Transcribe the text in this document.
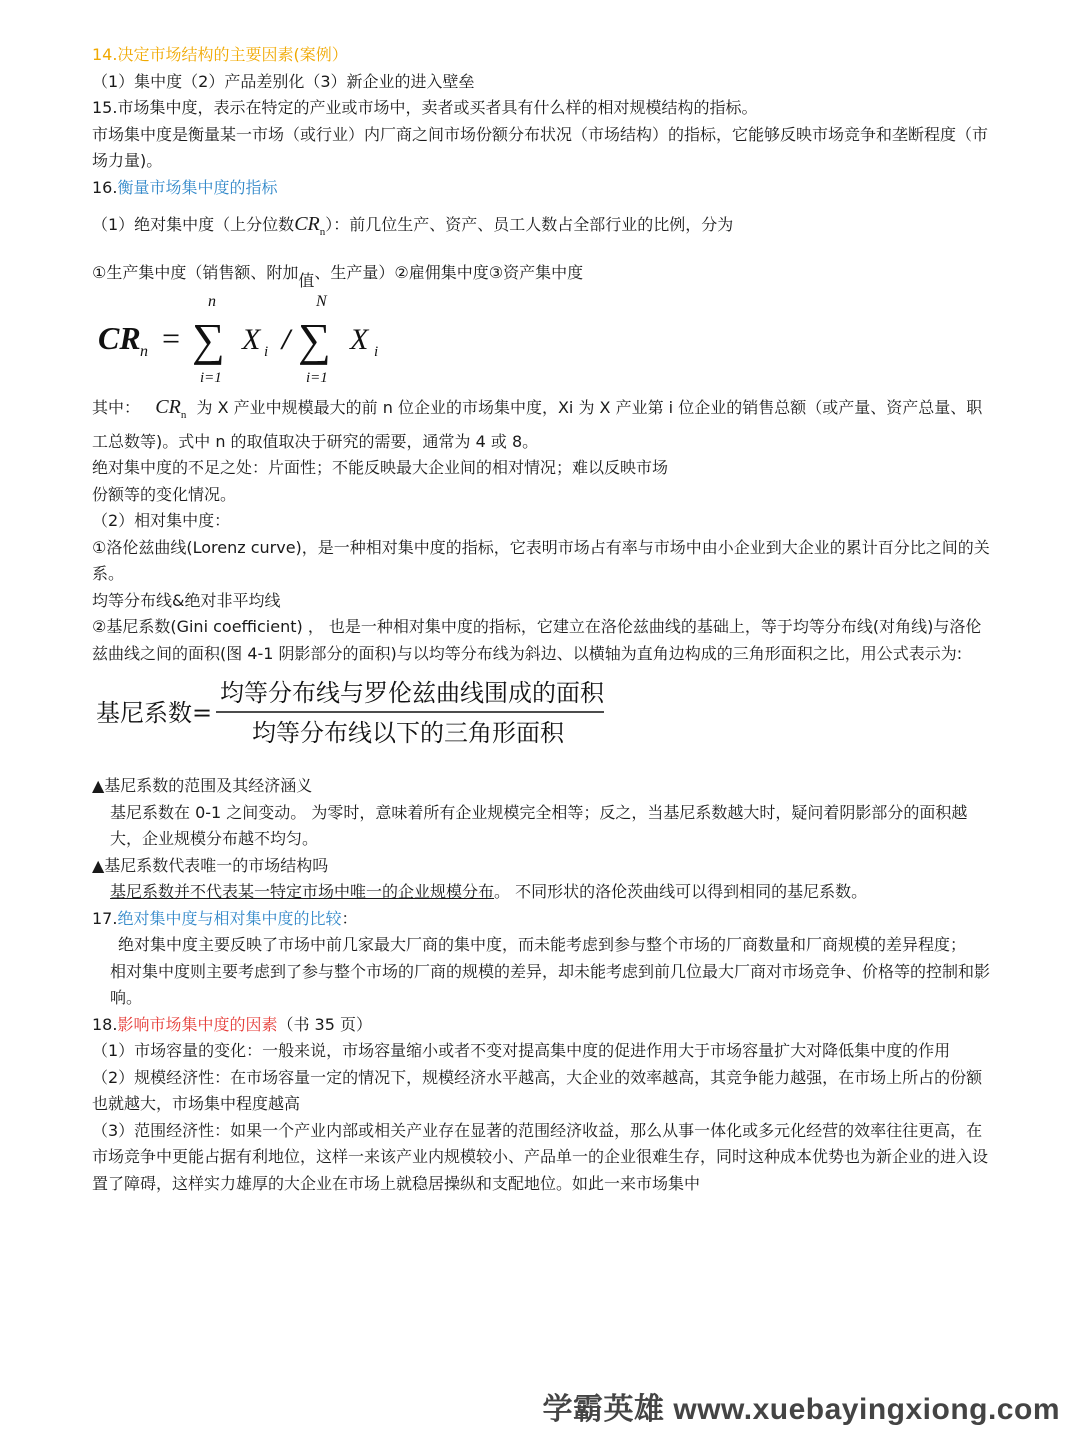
14.决定市场结构的主要因素(案例）
（1）集中度（2）产品差别化（3）新企业的进入壁垒
15.市场集中度，表示在特定的产业或市场中，卖者或买者具有什么样的相对规模结构的指标。
市场集中度是衡量某一市场（或行业）内厂商之间市场份额分布状况（市场结构）的指标，它能够反映市场竞争和垄断程度（市场力量)。
16.衡量市场集中度的指标
（1）绝对集中度（上分位数$CR_n$）：前几位生产、资产、员工人数占全部行业的比例，分为
①生产集中度（销售额、附加$_值$、生产量）②雇佣集中度③资产集中度
CR n =
n
∑
i=1
X i /
N
∑
i=1
X i
其中： $CR_n$ 为 X 产业中规模最大的前 n 位企业的市场集中度，Xi 为 X 产业第 i 位企业的销售总额（或产量、资产总量、职工总数等)。式中 n 的取值取决于研究的需要，通常为 4 或 8。
绝对集中度的不足之处：片面性；不能反映最大企业间的相对情况；难以反映市场
份额等的变化情况。
（2）相对集中度：
①洛伦兹曲线(Lorenz curve)，是一种相对集中度的指标，它表明市场占有率与市场中由小企业到大企业的累计百分比之间的关系。
均等分布线&绝对非平均线
②基尼系数(Gini coefficient) ， 也是一种相对集中度的指标，它建立在洛伦兹曲线的基础上，等于均等分布线(对角线)与洛伦兹曲线之间的面积(图 4-1 阴影部分的面积)与以均等分布线为斜边、以横轴为直角边构成的三角形面积之比，用公式表示为:
基尼系数=
均等分布线与罗伦兹曲线围成的面积
均等分布线以下的三角形面积
▲基尼系数的范围及其经济涵义
基尼系数在 0-1 之间变动。 为零时，意味着所有企业规模完全相等；反之，当基尼系数越大时，疑问着阴影部分的面积越大，企业规模分布越不均匀。
▲基尼系数代表唯一的市场结构吗
基尼系数并不代表某一特定市场中唯一的企业规模分布。 不同形状的洛伦茨曲线可以得到相同的基尼系数。
17.绝对集中度与相对集中度的比较：
绝对集中度主要反映了市场中前几家最大厂商的集中度，而未能考虑到参与整个市场的厂商数量和厂商规模的差异程度；
相对集中度则主要考虑到了参与整个市场的厂商的规模的差异，却未能考虑到前几位最大厂商对市场竞争、价格等的控制和影响。
18.影响市场集中度的因素（书 35 页）
（1）市场容量的变化：一般来说，市场容量缩小或者不变对提高集中度的促进作用大于市场容量扩大对降低集中度的作用
（2）规模经济性：在市场容量一定的情况下，规模经济水平越高，大企业的效率越高，其竞争能力越强，在市场上所占的份额也就越大，市场集中程度越高
（3）范围经济性：如果一个产业内部或相关产业存在显著的范围经济收益，那么从事一体化或多元化经营的效率往往更高，在市场竞争中更能占据有利地位，这样一来该产业内规模较小、产品单一的企业很难生存，同时这种成本优势也为新企业的进入设置了障碍，这样实力雄厚的大企业在市场上就稳居操纵和支配地位。如此一来市场集中
学霸英雄 www.xuebayingxiong.com
